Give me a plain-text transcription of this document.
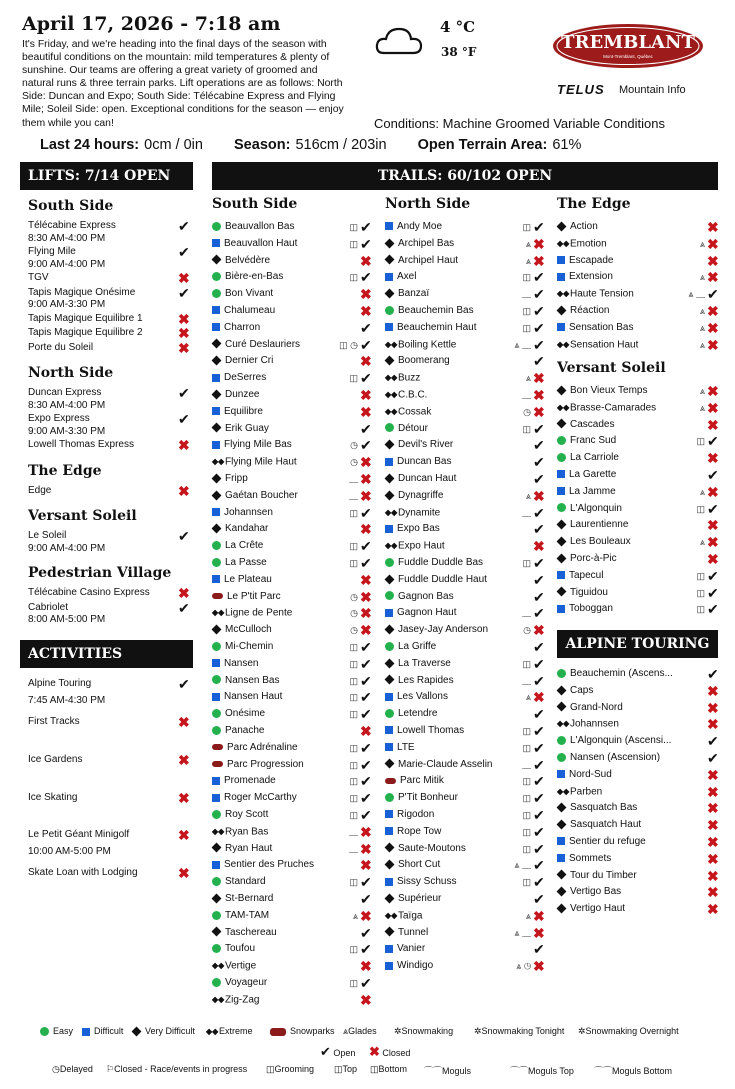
April 17, 2026 - 7:18 am
It's Friday, and we're heading into the final days of the season with beautiful conditions on the mountain: mild temperatures & plenty of sunshine. Our teams are offering a great variety of groomed and natural runs & three terrain parks. Lift operations are as follows: North Side: Duncan and Expo; South Side: Télécabine Express and Flying Mile; Soleil Side: open. Exceptional conditions for the season — enjoy them while you can!
4 °C
38 °F	TREMBLANT
Mont-Tremblant, Québec
TELUS Mountain Info
Conditions: Machine Groomed Variable Conditions
Last 24 hours: 0cm / 0in Season: 516cm / 203in Open Terrain Area: 61%
LIFTS: 7/14 OPEN	TRAILS: 60/102 OPEN
ACTIVITIES
ALPINE TOURING
South Side
Télécabine Express	✔
8:30 AM-4:00 PM
Flying Mile	✔
9:00 AM-4:00 PM
TGV	✖
Tapis Magique Onésime	✔
9:00 AM-3:30 PM
Tapis Magique Equilibre 1	✖
Tapis Magique Equilibre 2	✖
Porte du Soleil	✖
North Side
Duncan Express	✔
8:30 AM-4:00 PM
Expo Express	✔
9:00 AM-3:30 PM
Lowell Thomas Express	✖
The Edge
Edge	✖
Versant Soleil
Le Soleil	✔
9:00 AM-4:00 PM
Pedestrian Village
Télécabine Casino Express ✖
Cabriolet	✔
8:00 AM-5:00 PM
Alpine Touring	✔
7:45 AM-4:30 PM
First Tracks	✖
Ice Gardens	✖
Ice Skating	✖
Le Petit Géant Minigolf	✖
10:00 AM-5:00 PM
Skate Loan with Lodging	✖
South Side
Beauvallon Bas	◫ ✔
Beauvallon Haut	◫ ✔
Belvédère	✖
Bière-en-Bas	◫ ✔
Bon Vivant	✖
Chalumeau	✖
Charron	✔
Curé Deslauriers	◫ ◷ ✔
Dernier Cri	✖
DeSerres	◫ ✔
Dunzee	✖
Equilibre	✖
Erik Guay	✔
Flying Mile Bas	◷ ✔
◆◆Flying Mile Haut	◷ ✖
Fripp	﹏ ✖
Gaétan Boucher	﹏ ✖
Johannsen	◫ ✔
Kandahar	✖
La Crête	◫ ✔
La Passe	◫ ✔
Le Plateau	✖
Le P'tit Parc	◷ ✖
◆◆Ligne de Pente	◷ ✖
McCulloch	◷ ✖
Mi-Chemin	◫ ✔
Nansen	◫ ✔
Nansen Bas	◫ ✔
Nansen Haut	◫ ✔
Onésime	◫ ✔
Panache	✖
Parc Adrénaline	◫ ✔
Parc Progression	◫ ✔
Promenade	◫ ✔
Roger McCarthy	◫ ✔
Roy Scott	◫ ✔
◆◆Ryan Bas	﹏ ✖
Ryan Haut	﹏ ✖
Sentier des Pruches	✖
Standard	◫ ✔
St-Bernard	✔
TAM-TAM	⩓ ✖
Taschereau	✔
Toufou	◫ ✔
◆◆Vertige	✖
Voyageur	◫ ✔
◆◆Zig-Zag	✖
North Side
Andy Moe	◫ ✔
Archipel Bas	⩓ ✖
Archipel Haut	⩓ ✖
Axel	◫ ✔
Banzaï	﹏ ✔
Beauchemin Bas	◫ ✔
Beauchemin Haut	◫ ✔
◆◆Boiling Kettle	⩓ ﹏ ✔
Boomerang	✔
◆◆Buzz	⩓ ✖
◆◆C.B.C.	﹏ ✖
◆◆Cossak	◷ ✖
Détour	◫ ✔
Devil's River	✔
Duncan Bas	✔
Duncan Haut	✔
Dynagriffe	⩓ ✖
◆◆Dynamite	﹏ ✔
Expo Bas	✔
◆◆Expo Haut	✖
Fuddle Duddle Bas	◫ ✔
Fuddle Duddle Haut	✔
Gagnon Bas	✔
Gagnon Haut	﹏ ✔
Jasey-Jay Anderson	◷ ✖
La Griffe	✔
La Traverse	◫ ✔
Les Rapides	﹏ ✔
Les Vallons	⩓ ✖
Letendre	✔
Lowell Thomas	◫ ✔
LTE	◫ ✔
Marie-Claude Asselin	﹏ ✔
Parc Mitik	◫ ✔
P'Tit Bonheur	◫ ✔
Rigodon	◫ ✔
Rope Tow	◫ ✔
Saute-Moutons	◫ ✔
Short Cut	⩓ ﹏ ✔
Sissy Schuss	◫ ✔
Supérieur	✔
◆◆Taïga	⩓ ✖
Tunnel	⩓ ﹏ ✖
Vanier	✔
Windigo	⩓ ◷ ✖
The Edge
Action	✖
◆◆Emotion	⩓ ✖
Escapade	✖
Extension	⩓ ✖
◆◆Haute Tension	⩓ ﹏ ✔
Réaction	⩓ ✖
Sensation Bas	⩓ ✖
◆◆Sensation Haut	⩓ ✖
Versant Soleil
Bon Vieux Temps	⩓ ✖
◆◆Brasse-Camarades	⩓ ✖
Cascades	✖
Franc Sud	◫ ✔
La Carriole	✖
La Garette	✔
La Jamme	⩓ ✖
L'Algonquin	◫ ✔
Laurentienne	✖
Les Bouleaux	⩓ ✖
Porc-à-Pic	✖
Tapecul	◫ ✔
Tiguidou	◫ ✔
Toboggan	◫ ✔
Beauchemin (Ascens...	✔
Caps	✖
Grand-Nord	✖
◆◆Johannsen	✖
L'Algonquin (Ascensi...	✔
Nansen (Ascension)	✔
Nord-Sud	✖
◆◆Parben	✖
Sasquatch Bas	✖
Sasquatch Haut	✖
Sentier du refuge	✖
Sommets	✖
Tour du Timber	✖
Vertigo Bas	✖
Vertigo Haut	✖
Easy	Difficult	Very Difficult ◆◆Extreme	Snowparks ⩓Glades ✲Snowmaking ✲Snowmaking Tonight ✲Snowmaking Overnight
✔ Open ✖ Closed
◷Delayed ⚐Closed - Race/events in progress ◫Grooming ◫Top ◫Bottom ⌒⌒Moguls	⌒⌒Moguls Top ⌒⌒Moguls Bottom
